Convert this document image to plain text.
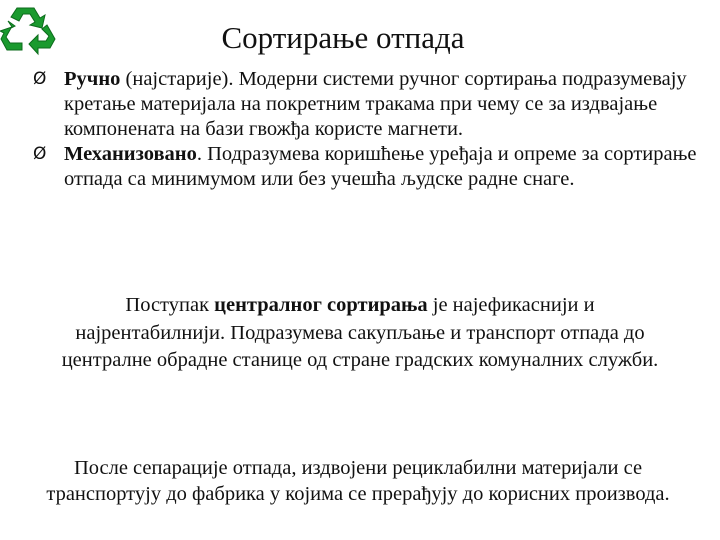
Сортирање отпада
Ø Ручно (најстарије). Модерни системи ручног сортирања подразумевају кретање материјала на покретним тракама при чему се за издвајање компонената на бази гвожђа користе магнети.
Ø Механизовано. Подразумева коришћење уређаја и опреме за сортирање отпада са минимумом или без учешћа људске радне снаге.

Поступак централног сортирања је најефикаснији и најрентабилнији. Подразумева сакупљање и транспорт отпада до централне обрадне станице од стране градских комуналних служби.

После сепарације отпада, издвојени рециклабилни материјали се транспортују до фабрика у којима се прерађују до корисних производа.
